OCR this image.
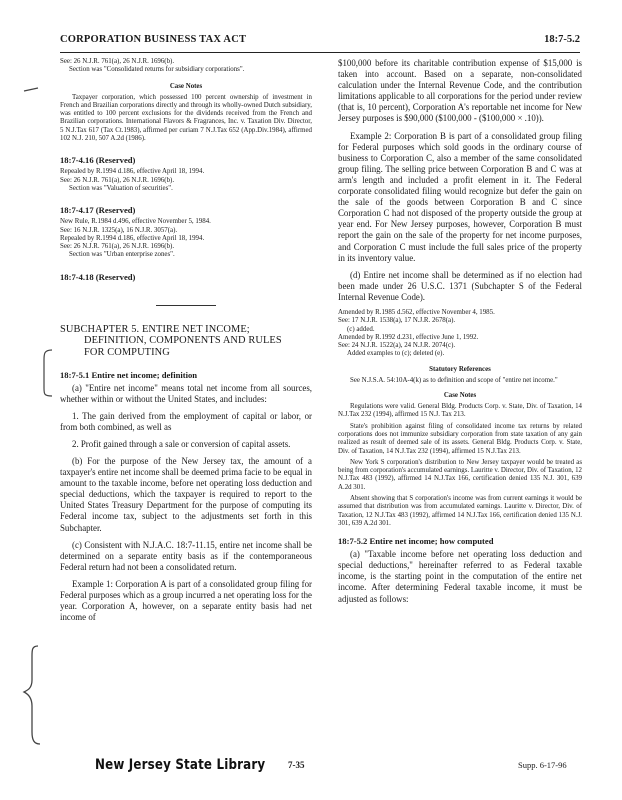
CORPORATION BUSINESS TAX ACT	18:7-5.2

See: 26 N.J.R. 761(a), 26 N.J.R. 1696(b).

Section was "Consolidated returns for subsidiary corporations".

Case Notes

Taxpayer corporation, which possessed 100 percent ownership of investment in French and Brazilian corporations directly and through its wholly-owned Dutch subsidiary, was entitled to 100 percent exclusions for the dividends received from the French and Brazilian corporations. International Flavors & Fragrances, Inc. v. Taxation Div. Director, 5 N.J.Tax 617 (Tax Ct.1983), affirmed per curiam 7 N.J.Tax 652 (App.Div.1984), affirmed 102 N.J. 210, 507 A.2d (1986).

18:7-4.16 (Reserved)

Repealed by R.1994 d.186, effective April 18, 1994.

See: 26 N.J.R. 761(a), 26 N.J.R. 1696(b).

Section was "Valuation of securities".

18:7-4.17 (Reserved)

New Rule, R.1984 d.496, effective November 5, 1984.

See: 16 N.J.R. 1325(a), 16 N.J.R. 3057(a).

Repealed by R.1994 d.186, effective April 18, 1994.

See: 26 N.J.R. 761(a), 26 N.J.R. 1696(b).

Section was "Urban enterprise zones".

18:7-4.18 (Reserved)

SUBCHAPTER 5. ENTIRE NET INCOME;

DEFINITION, COMPONENTS AND RULES

FOR COMPUTING

18:7-5.1 Entire net income; definition

(a) "Entire net income" means total net income from all sources, whether within or without the United States, and includes:

1. The gain derived from the employment of capital or labor, or from both combined, as well as

2. Profit gained through a sale or conversion of capital assets.

(b) For the purpose of the New Jersey tax, the amount of a taxpayer's entire net income shall be deemed prima facie to be equal in amount to the taxable income, before net operating loss deduction and special deductions, which the taxpayer is required to report to the United States Treasury Department for the purpose of computing its Federal income tax, subject to the adjustments set forth in this Subchapter.

(c) Consistent with N.J.A.C. 18:7-11.15, entire net income shall be determined on a separate entity basis as if the contemporaneous Federal return had not been a consolidated return.

Example 1: Corporation A is part of a consolidated group filing for Federal purposes which as a group incurred a net operating loss for the year. Corporation A, however, on a separate entity basis had net income of

$100,000 before its charitable contribution expense of $15,000 is taken into account. Based on a separate, non-consolidated calculation under the Internal Revenue Code, and the contribution limitations applicable to all corporations for the period under review (that is, 10 percent), Corporation A's reportable net income for New Jersey purposes is $90,000 ($100,000 - ($100,000 × .10)).

Example 2: Corporation B is part of a consolidated group filing for Federal purposes which sold goods in the ordinary course of business to Corporation C, also a member of the same consolidated group filing. The selling price between Corporation B and C was at arm's length and included a profit element in it. The Federal corporate consolidated filing would recognize but defer the gain on the sale of the goods between Corporation B and C since Corporation C had not disposed of the property outside the group at year end. For New Jersey purposes, however, Corporation B must report the gain on the sale of the property for net income purposes, and Corporation C must include the full sales price of the property in its inventory value.

(d) Entire net income shall be determined as if no election had been made under 26 U.S.C. 1371 (Subchapter S of the Federal Internal Revenue Code).

Amended by R.1985 d.562, effective November 4, 1985.

See: 17 N.J.R. 1538(a), 17 N.J.R. 2678(a).

(c) added.

Amended by R.1992 d.231, effective June 1, 1992.

See: 24 N.J.R. 1522(a), 24 N.J.R. 2074(c).

Added examples to (c); deleted (e).

Statutory References

See N.J.S.A. 54:10A-4(k) as to definition and scope of "entire net income."

Case Notes

Regulations were valid. General Bldg. Products Corp. v. State, Div. of Taxation, 14 N.J.Tax 232 (1994), affirmed 15 N.J. Tax 213.

State's prohibition against filing of consolidated income tax returns by related corporations does not immunize subsidiary corporation from state taxation of any gain realized as result of deemed sale of its assets. General Bldg. Products Corp. v. State, Div. of Taxation, 14 N.J.Tax 232 (1994), affirmed 15 N.J.Tax 213.

New York S corporation's distribution to New Jersey taxpayer would be treated as being from corporation's accumulated earnings. Lauritte v. Director, Div. of Taxation, 12 N.J.Tax 483 (1992), affirmed 14 N.J.Tax 166, certification denied 135 N.J. 301, 639 A.2d 301.

Absent showing that S corporation's income was from current earnings it would be assumed that distribution was from accumulated earnings. Lauritte v. Director, Div. of Taxation, 12 N.J.Tax 483 (1992), affirmed 14 N.J.Tax 166, certification denied 135 N.J. 301, 639 A.2d 301.

18:7-5.2 Entire net income; how computed

(a) "Taxable income before net operating loss deduction and special deductions," hereinafter referred to as Federal taxable income, is the starting point in the computation of the entire net income. After determining Federal taxable income, it must be adjusted as follows:

New Jersey State Library	7-35	Supp. 6-17-96
